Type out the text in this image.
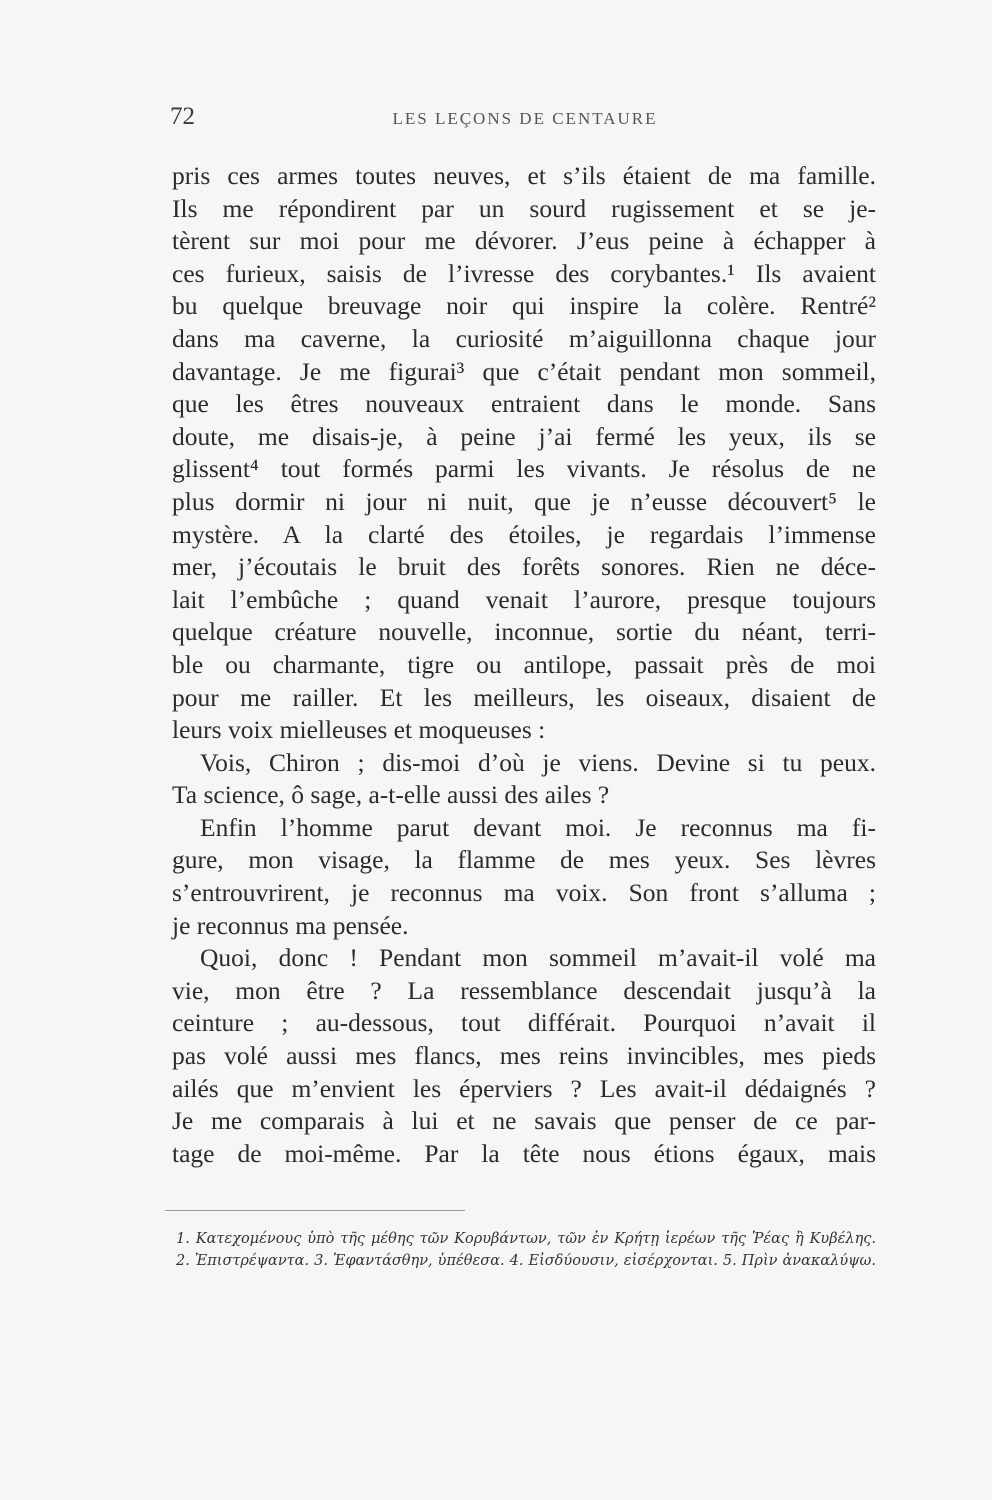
72	LES LEÇONS DE CENTAURE
pris ces armes toutes neuves, et s’ils étaient de ma famille.
Ils me répondirent par un sourd rugissement et se je-
tèrent sur moi pour me dévorer. J’eus peine à échapper à
ces furieux, saisis de l’ivresse des corybantes.¹ Ils avaient
bu quelque breuvage noir qui inspire la colère. Rentré²
dans ma caverne, la curiosité m’aiguillonna chaque jour
davantage. Je me figurai³ que c’était pendant mon sommeil,
que les êtres nouveaux entraient dans le monde. Sans
doute, me disais-je, à peine j’ai fermé les yeux, ils se
glissent⁴ tout formés parmi les vivants. Je résolus de ne
plus dormir ni jour ni nuit, que je n’eusse découvert⁵ le
mystère. A la clarté des étoiles, je regardais l’immense
mer, j’écoutais le bruit des forêts sonores. Rien ne déce-
lait l’embûche ; quand venait l’aurore, presque toujours
quelque créature nouvelle, inconnue, sortie du néant, terri-
ble ou charmante, tigre ou antilope, passait près de moi
pour me railler. Et les meilleurs, les oiseaux, disaient de
leurs voix mielleuses et moqueuses :
Vois, Chiron ; dis-moi d’où je viens. Devine si tu peux.
Ta science, ô sage, a-t-elle aussi des ailes ?
Enfin l’homme parut devant moi. Je reconnus ma fi-
gure, mon visage, la flamme de mes yeux. Ses lèvres
s’entrouvrirent, je reconnus ma voix. Son front s’alluma ;
je reconnus ma pensée.
Quoi, donc ! Pendant mon sommeil m’avait-il volé ma
vie, mon être ? La ressemblance descendait jusqu’à la
ceinture ; au-dessous, tout différait. Pourquoi n’avait il
pas volé aussi mes flancs, mes reins invincibles, mes pieds
ailés que m’envient les éperviers ? Les avait-il dédaignés ?
Je me comparais à lui et ne savais que penser de ce par-
tage de moi-même. Par la tête nous étions égaux, mais
1. Κατεχομένους ὑπὸ τῆς μέθης τῶν Κορυβάντων, τῶν ἐν Κρήτῃ ἱερέων τῆς Ῥέας ἢ Κυβέλης.
2. Ἐπιστρέψαντα. 3. Ἐφαντάσθην, ὑπέθεσα. 4. Εἰσδύουσιν, εἰσέρχονται. 5. Πρὶν ἀνακαλύψω.
